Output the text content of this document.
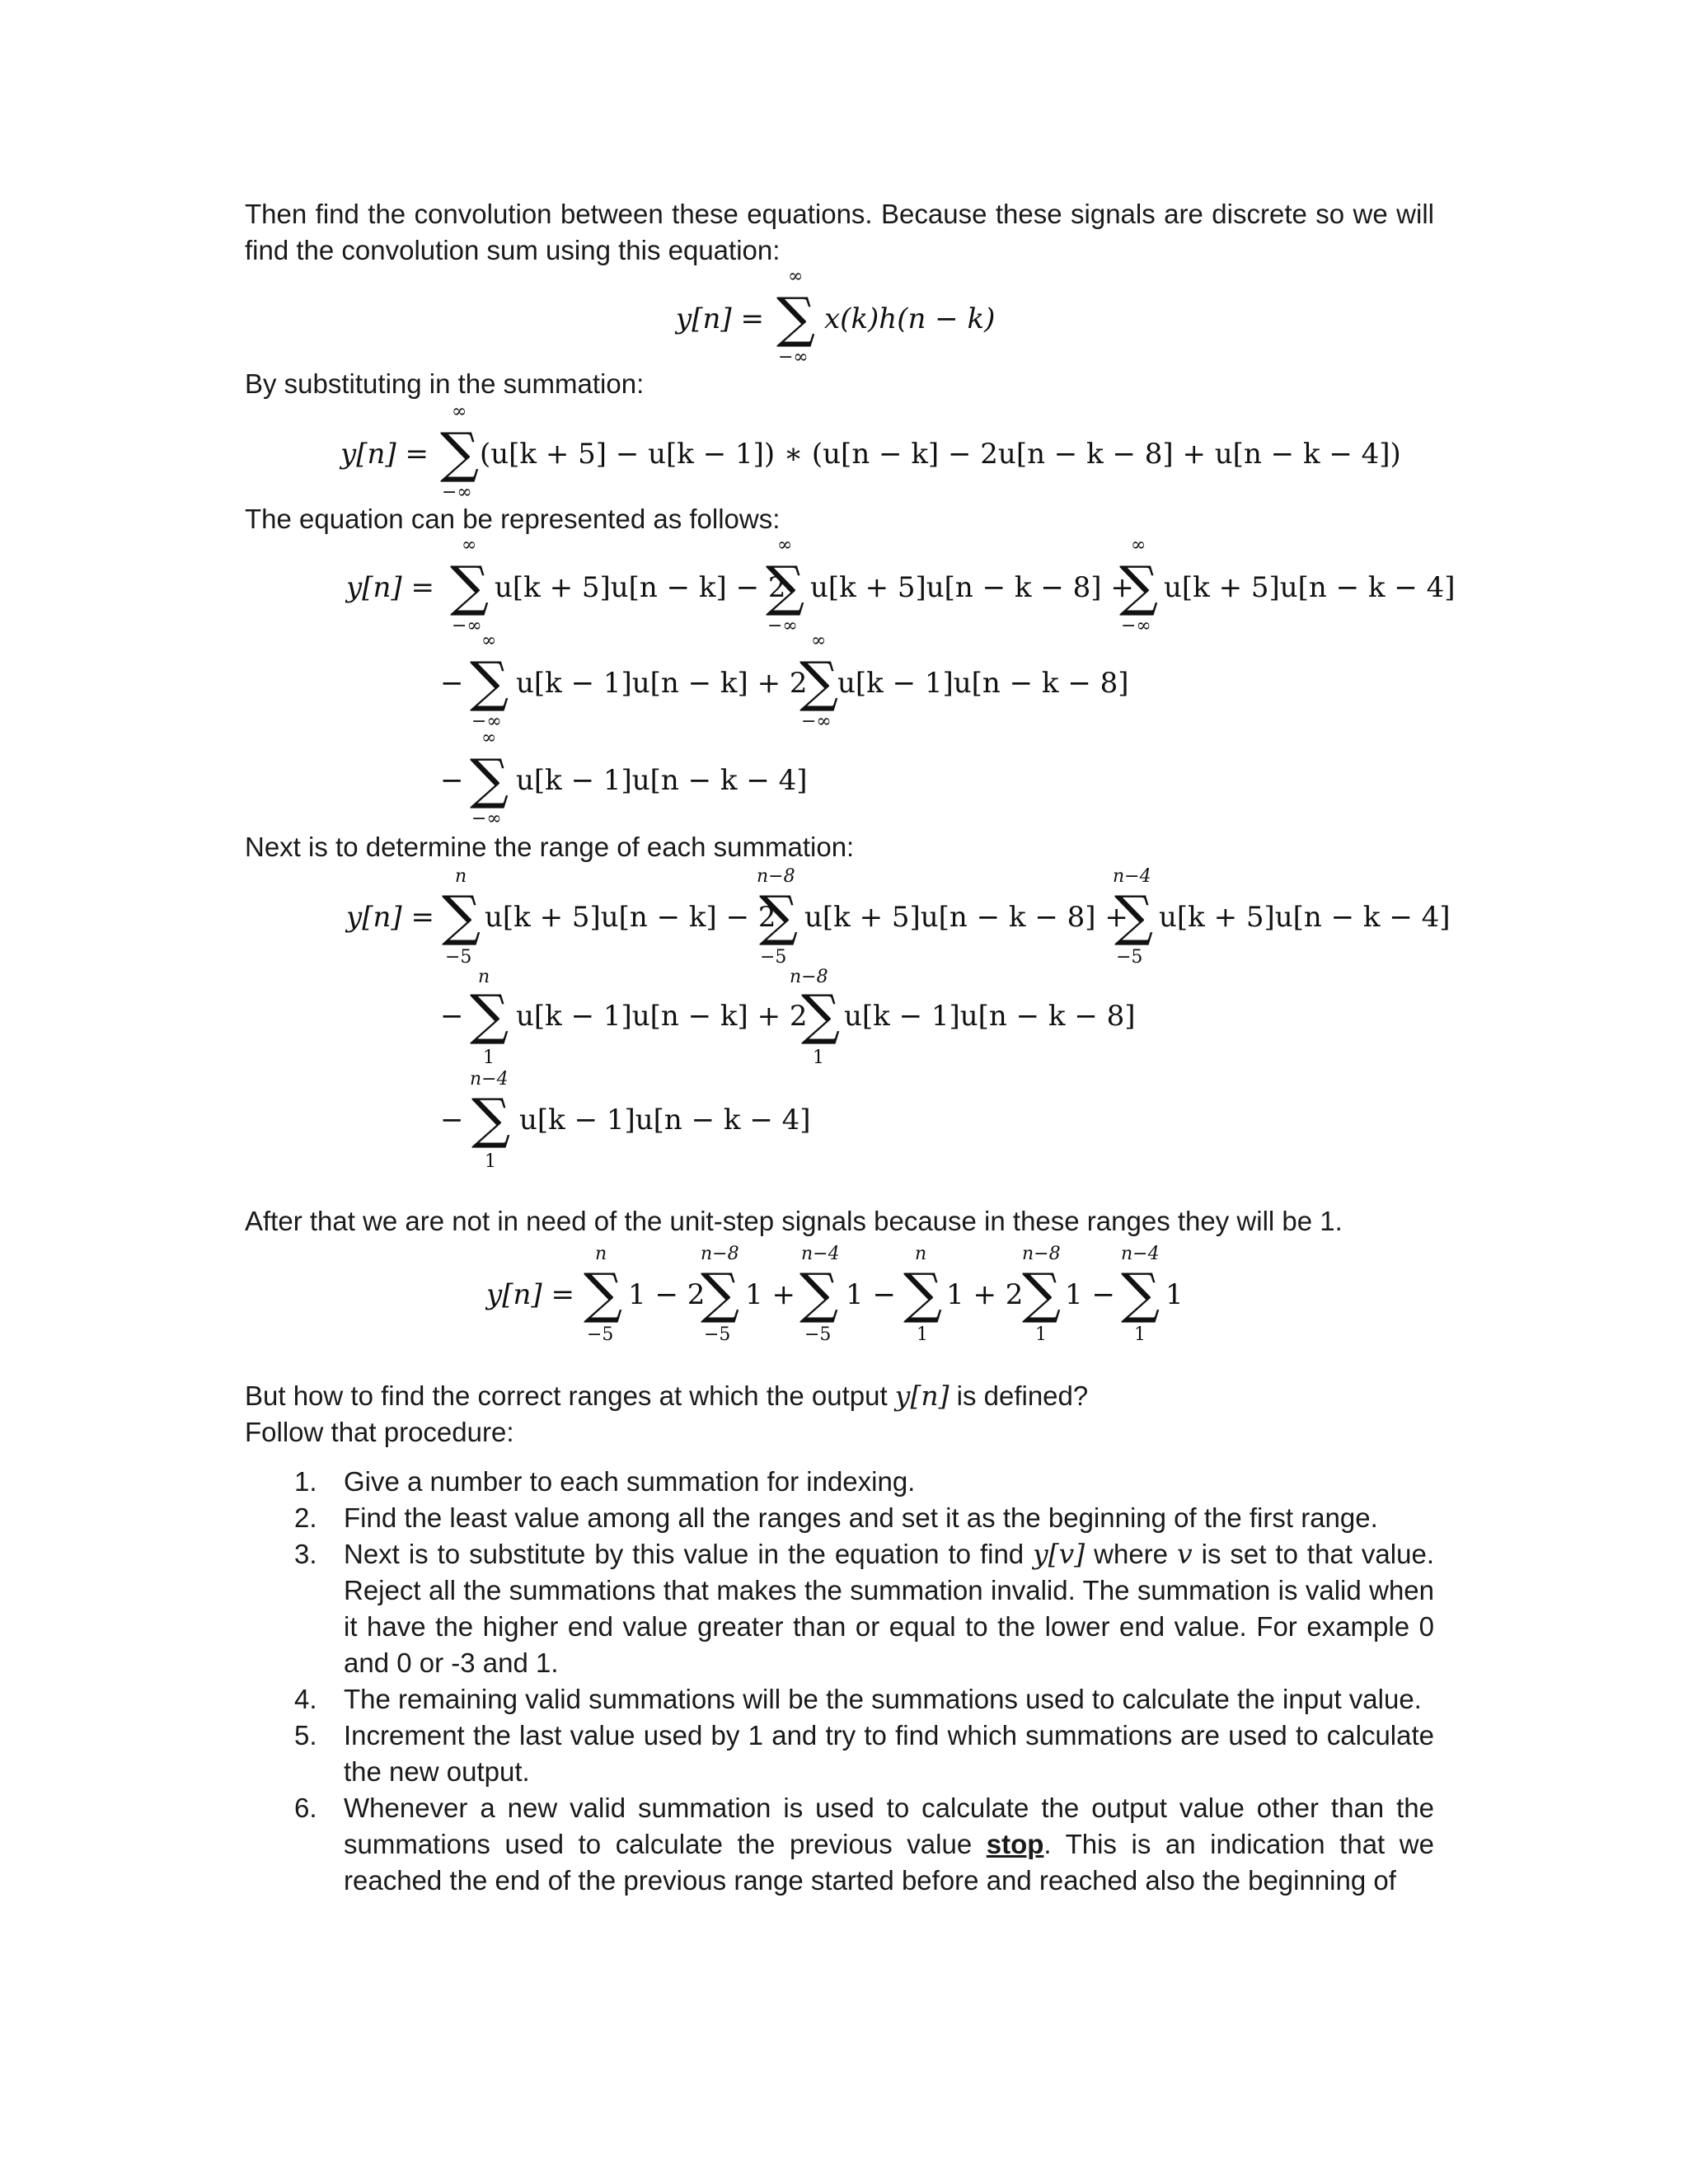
Then find the convolution between these equations. Because these signals are discrete so we will find the convolution sum using this equation:

By substituting in the summation:

The equation can be represented as follows:

Next is to determine the range of each summation:

After that we are not in need of the unit-step signals because in these ranges they will be 1.

But how to find the correct ranges at which the output y[n] is defined?

Follow that procedure:

y[n] =
∞
∑
−∞
x(k)h(n − k)
y[n] =
∞
∑
−∞
(u[k + 5] − u[k − 1]) ∗ (u[n − k] − 2u[n − k − 8] + u[n − k − 4])
y[n] =
∞
∑
−∞
u[k + 5]u[n − k] − 2
∞
∑
−∞
u[k + 5]u[n − k − 8] +
∞
∑
−∞
u[k + 5]u[n − k − 4]
−
∞
∑
−∞
u[k − 1]u[n − k] + 2
∞
∑
−∞
u[k − 1]u[n − k − 8]
−
∞
∑
−∞
u[k − 1]u[n − k − 4]
y[n] =
n
∑
−5
u[k + 5]u[n − k] − 2
n−8
∑
−5
u[k + 5]u[n − k − 8] +
n−4
∑
−5
u[k + 5]u[n − k − 4]
−
n
∑
1
u[k − 1]u[n − k] + 2
n−8
∑
1
u[k − 1]u[n − k − 8]
−
n−4
∑
1
u[k − 1]u[n − k − 4]
y[n] =
n
∑
−5
1 − 2
n−8
∑
−5
1 +
n−4
∑
−5
1 −
n
∑
1
1 + 2
n−8
∑
1
1 −
n−4
∑
1
1
1. Give a number to each summation for indexing.
2. Find the least value among all the ranges and set it as the beginning of the first range.
3. Next is to substitute by this value in the equation to find y[v] where v is set to that value. Reject all the summations that makes the summation invalid. The summation is valid when it have the higher end value greater than or equal to the lower end value. For example 0 and 0 or -3 and 1.
4. The remaining valid summations will be the summations used to calculate the input value.
5. Increment the last value used by 1 and try to find which summations are used to calculate the new output.
6. Whenever a new valid summation is used to calculate the output value other than the summations used to calculate the previous value stop. This is an indication that we reached the end of the previous range started before and reached also the beginning of
